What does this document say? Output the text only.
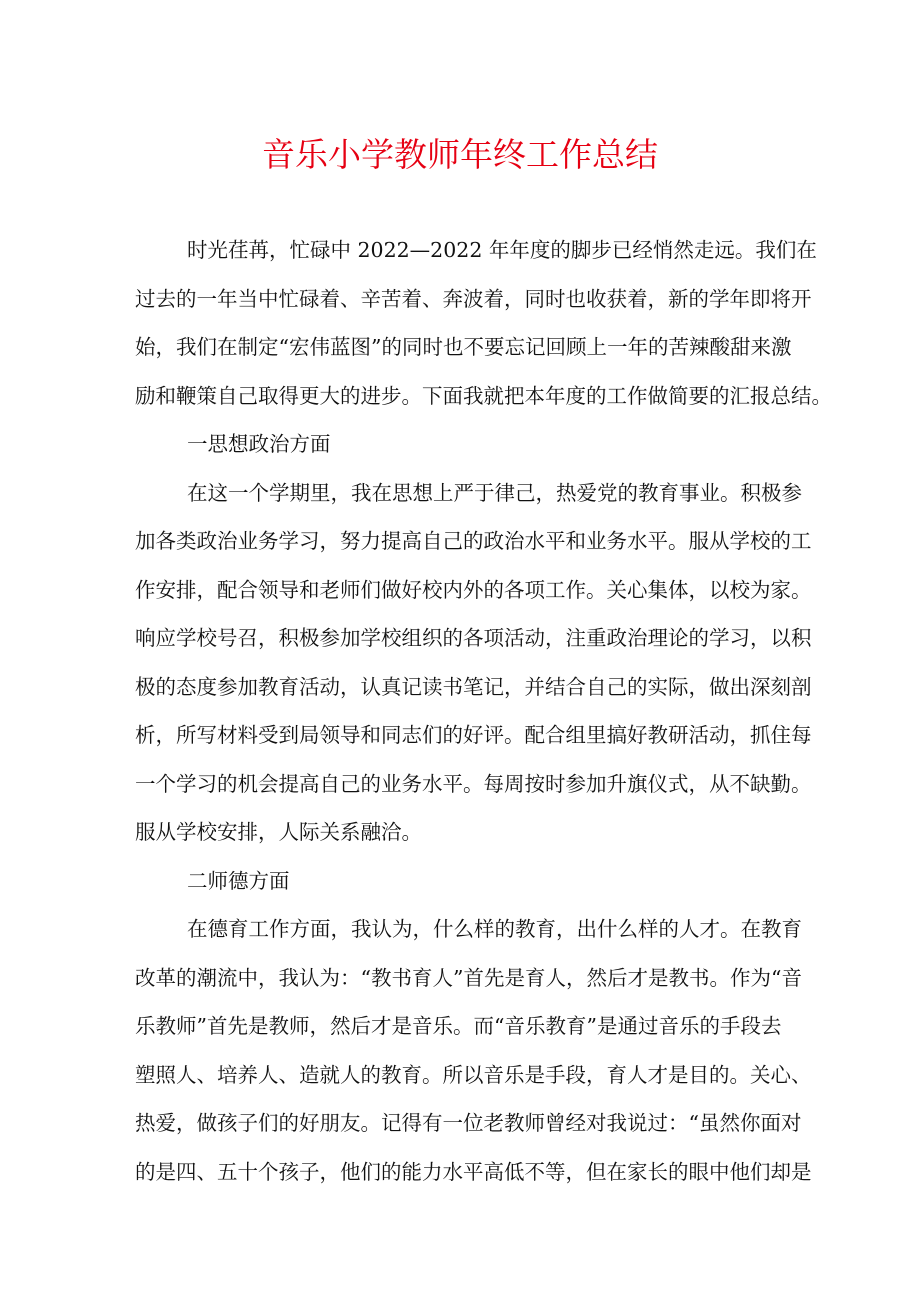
音乐小学教师年终工作总结
时光荏苒，忙碌中 2022—2022 年年度的脚步已经悄然走远。我们在
过去的一年当中忙碌着、辛苦着、奔波着，同时也收获着，新的学年即将开
始，我们在制定“宏伟蓝图”的同时也不要忘记回顾上一年的苦辣酸甜来激
励和鞭策自己取得更大的进步。下面我就把本年度的工作做简要的汇报总结。
一思想政治方面
在这一个学期里，我在思想上严于律己，热爱党的教育事业。积极参
加各类政治业务学习，努力提高自己的政治水平和业务水平。服从学校的工
作安排，配合领导和老师们做好校内外的各项工作。关心集体，以校为家。
响应学校号召，积极参加学校组织的各项活动，注重政治理论的学习，以积
极的态度参加教育活动，认真记读书笔记，并结合自己的实际，做出深刻剖
析，所写材料受到局领导和同志们的好评。配合组里搞好教研活动，抓住每
一个学习的机会提高自己的业务水平。每周按时参加升旗仪式，从不缺勤。
服从学校安排，人际关系融洽。
二师德方面
在德育工作方面，我认为，什么样的教育，出什么样的人才。在教育
改革的潮流中，我认为：“教书育人”首先是育人，然后才是教书。作为“音
乐教师”首先是教师，然后才是音乐。而“音乐教育”是通过音乐的手段去
塑照人、培养人、造就人的教育。所以音乐是手段，育人才是目的。关心、
热爱，做孩子们的好朋友。记得有一位老教师曾经对我说过：“虽然你面对
的是四、五十个孩子，他们的能力水平高低不等，但在家长的眼中他们却是
